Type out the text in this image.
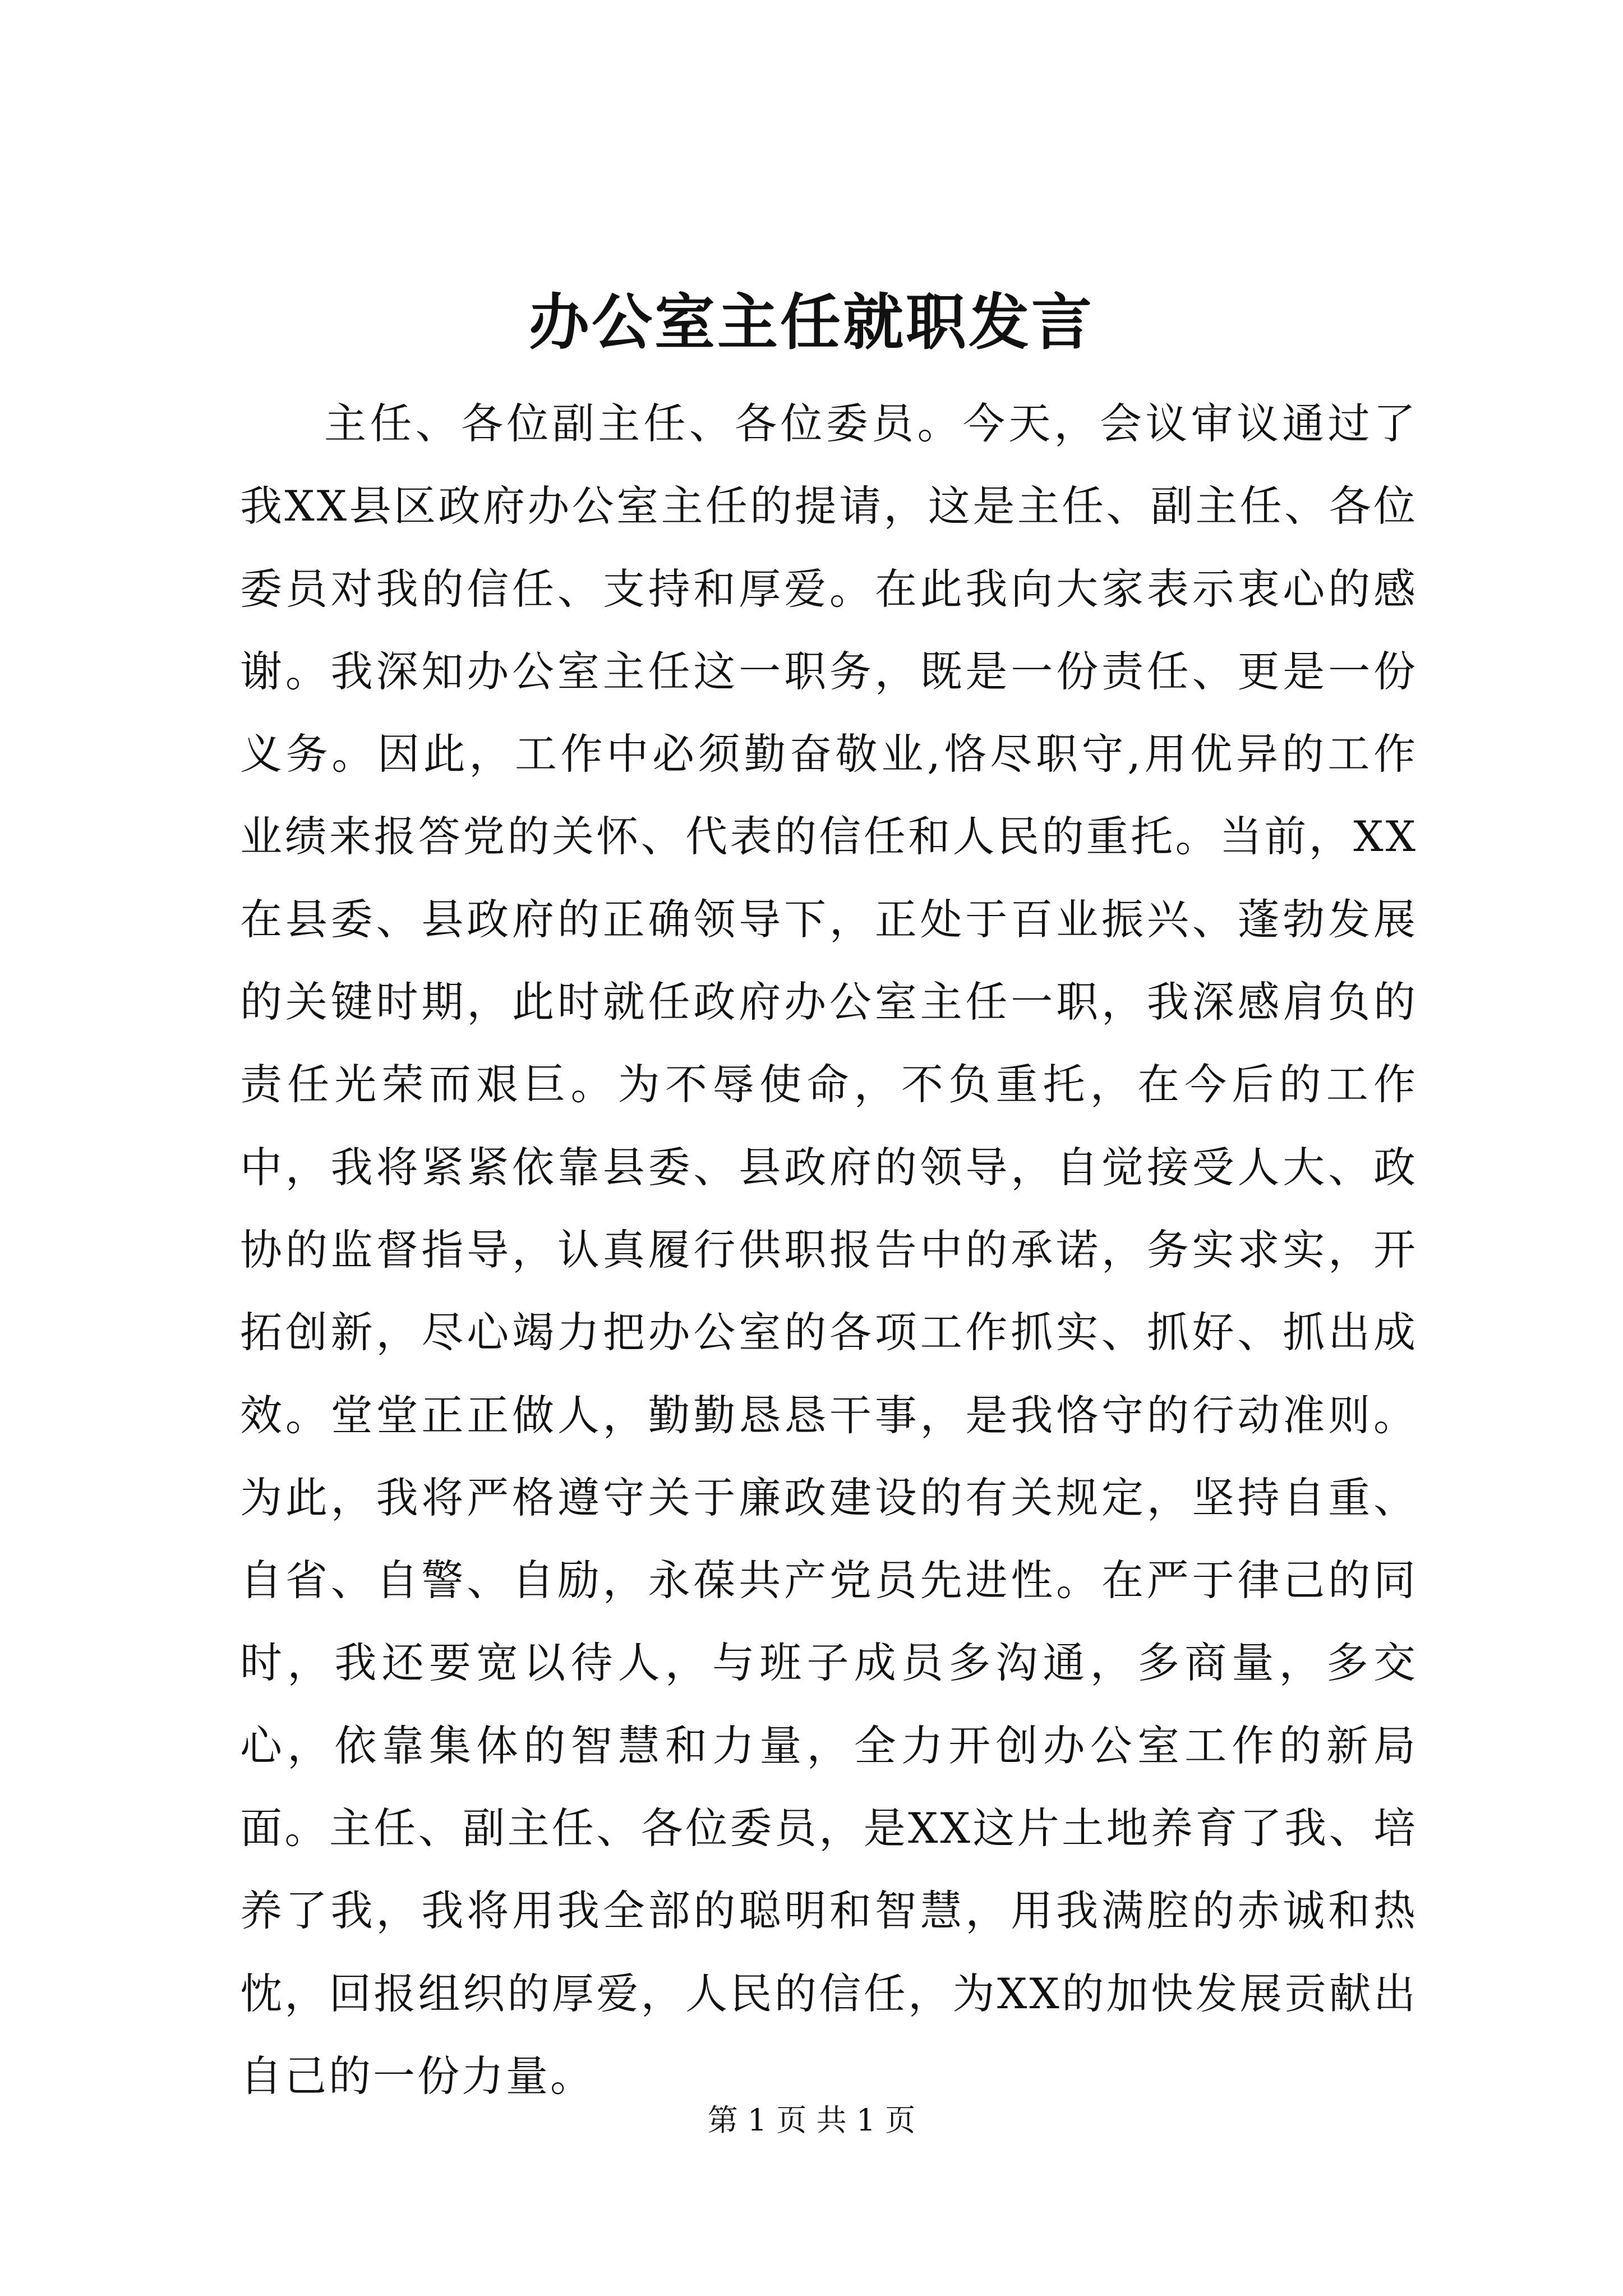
办公室主任就职发言

主任、各位副主任、各位委员。今天，会议审议通过了我XX县区政府办公室主任的提请，这是主任、副主任、各位委员对我的信任、支持和厚爱。在此我向大家表示衷心的感谢。我深知办公室主任这一职务，既是一份责任、更是一份义务。因此，工作中必须勤奋敬业,恪尽职守,用优异的工作业绩来报答党的关怀、代表的信任和人民的重托。当前，XX在县委、县政府的正确领导下，正处于百业振兴、蓬勃发展的关键时期，此时就任政府办公室主任一职，我深感肩负的责任光荣而艰巨。为不辱使命，不负重托，在今后的工作中，我将紧紧依靠县委、县政府的领导，自觉接受人大、政协的监督指导，认真履行供职报告中的承诺，务实求实，开拓创新，尽心竭力把办公室的各项工作抓实、抓好、抓出成效。堂堂正正做人，勤勤恳恳干事，是我恪守的行动准则。为此，我将严格遵守关于廉政建设的有关规定，坚持自重、自省、自警、自励，永葆共产党员先进性。在严于律己的同时，我还要宽以待人，与班子成员多沟通，多商量，多交心，依靠集体的智慧和力量，全力开创办公室工作的新局面。主任、副主任、各位委员，是XX这片土地养育了我、培养了我，我将用我全部的聪明和智慧，用我满腔的赤诚和热忱，回报组织的厚爱，人民的信任，为XX的加快发展贡献出自己的一份力量。

第 1 页 共 1 页
